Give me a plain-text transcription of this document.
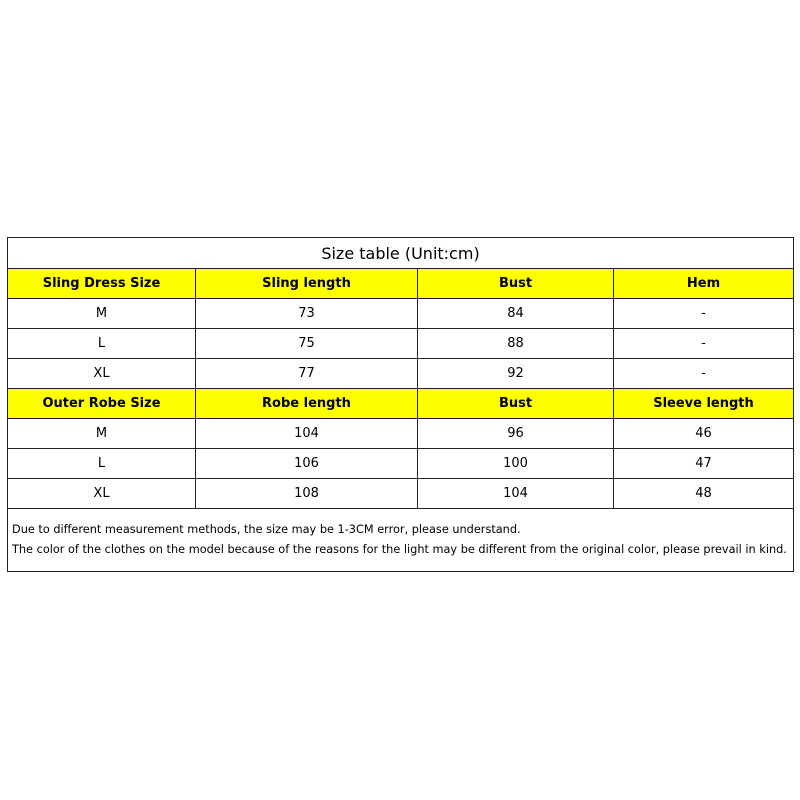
Size table (Unit:cm)			
Sling Dress Size	Sling length	Bust	Hem
M	73	84	-
L	75	88	-
XL	77	92	-
Outer Robe Size	Robe length	Bust	Sleeve length
M	104	96	46
L	106	100	47
XL	108	104	48

Due to different measurement methods, the size may be 1-3CM error, please understand.
The color of the clothes on the model because of the reasons for the light may be different from the original color, please prevail in kind.			
